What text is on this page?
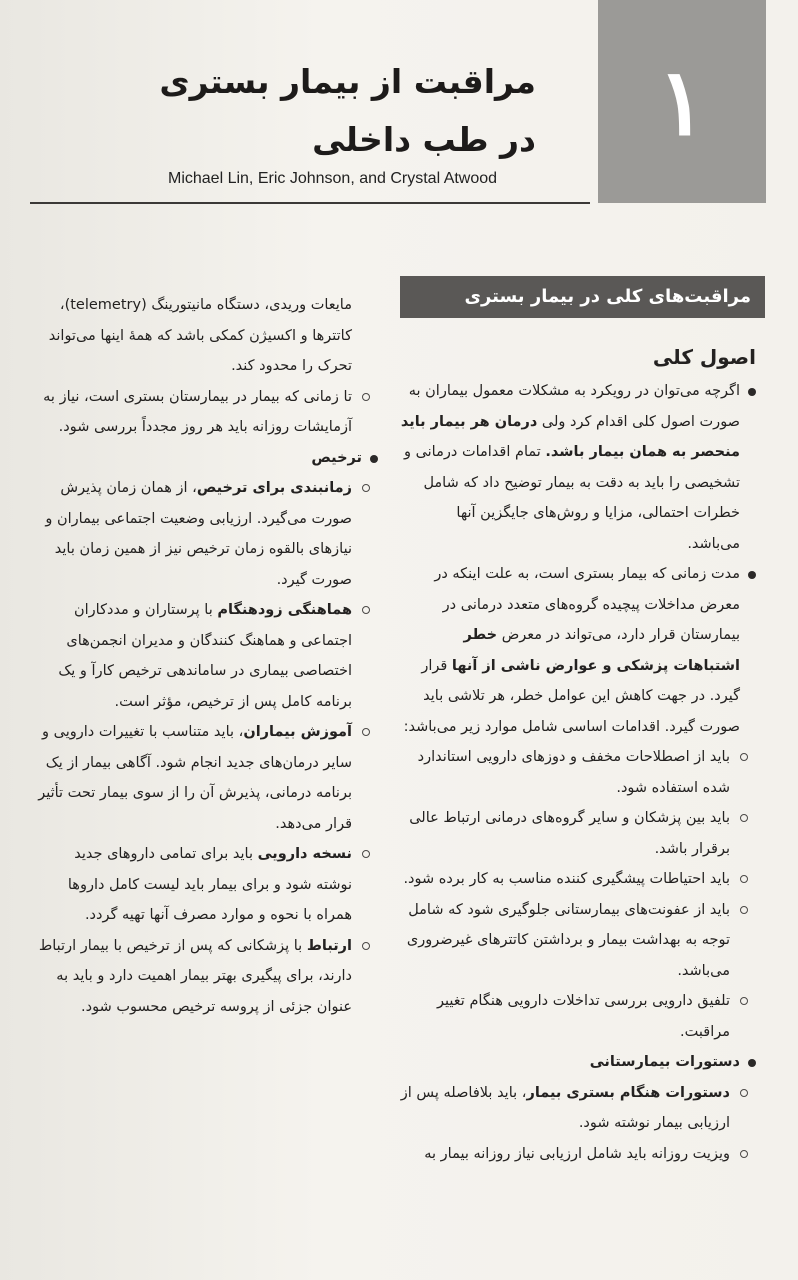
۱
مراقبت از بیمار بستری
در طب داخلی
Michael Lin, Eric Johnson, and Crystal Atwood
مراقبت‌های کلی در بیمار بستری
اصول کلی

اگرچه می‌توان در رویکرد به مشکلات معمول بیماران به صورت اصول کلی اقدام کرد ولی درمان هر بیمار باید منحصر به همان بیمار باشد. تمام اقدامات درمانی و تشخیصی را باید به دقت به بیمار توضیح داد که شامل خطرات احتمالی، مزایا و روش‌های جایگزین آنها می‌باشد.

مدت زمانی که بیمار بستری است، به علت اینکه در معرض مداخلات پیچیده گروه‌های متعدد درمانی در بیمارستان قرار دارد، می‌تواند در معرض خطر اشتباهات پزشکی و عوارض ناشی از آنها قرار گیرد. در جهت کاهش این عوامل خطر، هر تلاشی باید صورت گیرد. اقدامات اساسی شامل موارد زیر می‌باشد:

باید از اصطلاحات مخفف و دوزهای دارویی استاندارد شده استفاده شود.

باید بین پزشکان و سایر گروه‌های درمانی ارتباط عالی برقرار باشد.

باید احتیاطات پیشگیری کننده مناسب به کار برده شود.

باید از عفونت‌های بیمارستانی جلوگیری شود که شامل توجه به بهداشت بیمار و برداشتن کاتترهای غیرضروری می‌باشد.

تلفیق دارویی بررسی تداخلات دارویی هنگام تغییر مراقبت.

دستورات بیمارستانی

دستورات هنگام بستری بیمار، باید بلافاصله پس از ارزیابی بیمار نوشته شود.

ویزیت روزانه باید شامل ارزیابی نیاز روزانه بیمار به

مایعات وریدی، دستگاه مانیتورینگ (telemetry)، کاتترها و اکسیژن کمکی باشد که همهٔ اینها می‌تواند تحرک را محدود کند.

تا زمانی که بیمار در بیمارستان بستری است، نیاز به آزمایشات روزانه باید هر روز مجدداً بررسی شود.

ترخیص

زمانبندی برای ترخیص، از همان زمان پذیرش صورت می‌گیرد. ارزیابی وضعیت اجتماعی بیماران و نیازهای بالقوه زمان ترخیص نیز از همین زمان باید صورت گیرد.

هماهنگی زودهنگام با پرستاران و مددکاران اجتماعی و هماهنگ کنندگان و مدیران انجمن‌های اختصاصی بیماری در ساماندهی ترخیص کارآ و یک برنامه کامل پس از ترخیص، مؤثر است.

آموزش بیماران، باید متناسب با تغییرات دارویی و سایر درمان‌های جدید انجام شود. آگاهی بیمار از یک برنامه درمانی، پذیرش آن را از سوی بیمار تحت تأثیر قرار می‌دهد.

نسخه دارویی باید برای تمامی داروهای جدید نوشته شود و برای بیمار باید لیست کامل داروها همراه با نحوه و موارد مصرف آنها تهیه گردد.

ارتباط با پزشکانی که پس از ترخیص با بیمار ارتباط دارند، برای پیگیری بهتر بیمار اهمیت دارد و باید به عنوان جزئی از پروسه ترخیص محسوب شود.
